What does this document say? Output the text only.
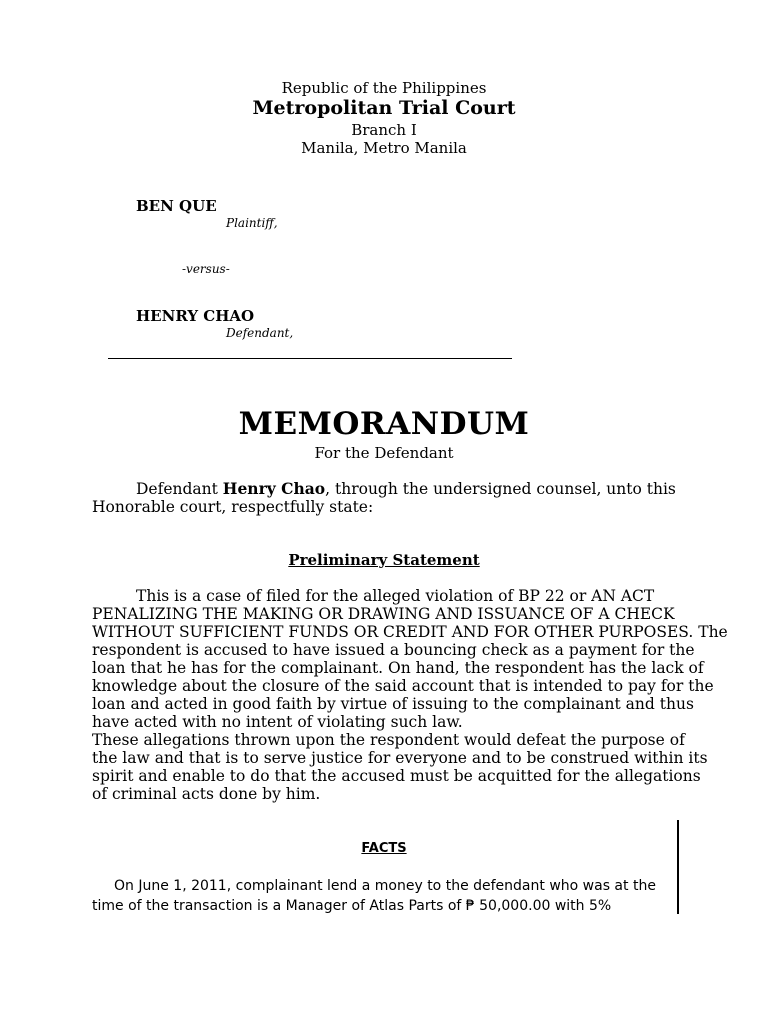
Republic of the Philippines
Metropolitan Trial Court
Branch I
Manila, Metro Manila
BEN QUE
Plaintiff,
-versus-
HENRY CHAO
Defendant,
MEMORANDUM
For the Defendant
Defendant Henry Chao, through the undersigned counsel, unto this
Honorable court, respectfully state:
Preliminary Statement
This is a case of filed for the alleged violation of BP 22 or AN ACT
PENALIZING THE MAKING OR DRAWING AND ISSUANCE OF A CHECK
WITHOUT SUFFICIENT FUNDS OR CREDIT AND FOR OTHER PURPOSES. The
respondent is accused to have issued a bouncing check as a payment for the
loan that he has for the complainant. On hand, the respondent has the lack of
knowledge about the closure of the said account that is intended to pay for the
loan and acted in good faith by virtue of issuing to the complainant and thus
have acted with no intent of violating such law.
These allegations thrown upon the respondent would defeat the purpose of
the law and that is to serve justice for everyone and to be construed within its
spirit and enable to do that the accused must be acquitted for the allegations
of criminal acts done by him.
FACTS
On June 1, 2011, complainant lend a money to the defendant who was at the
time of the transaction is a Manager of Atlas Parts of ₱ 50,000.00 with 5%
